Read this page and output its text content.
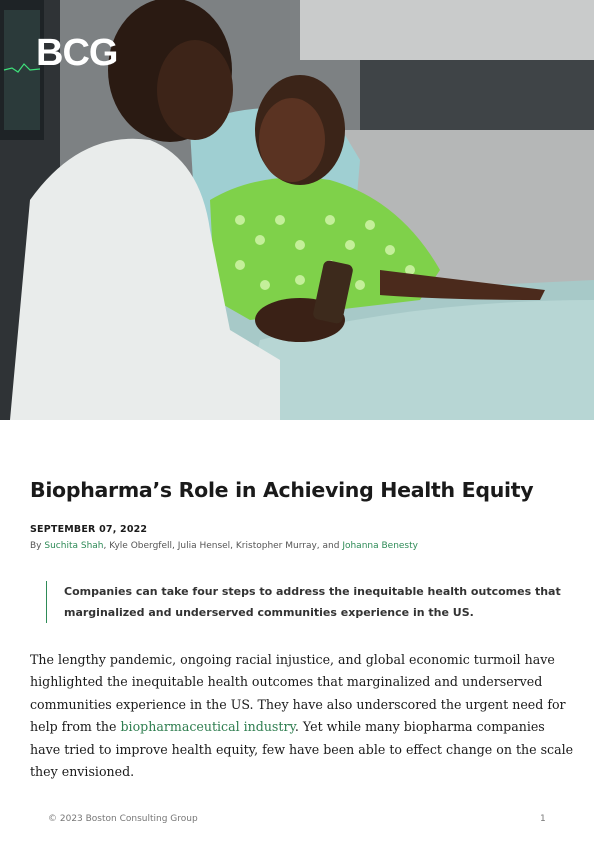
BCG
Biopharma’s Role in Achieving Health Equity
SEPTEMBER 07, 2022
By Suchita Shah, Kyle Obergfell, Julia Hensel, Kristopher Murray, and Johanna Benesty
Companies can take four steps to address the inequitable health outcomes that marginalized and underserved communities experience in the US.
The lengthy pandemic, ongoing racial injustice, and global economic turmoil have highlighted the inequitable health outcomes that marginalized and underserved communities experience in the US. They have also underscored the urgent need for help from the biopharmaceutical industry. Yet while many biopharma companies have tried to improve health equity, few have been able to effect change on the scale they envisioned.
© 2023 Boston Consulting Group	1
